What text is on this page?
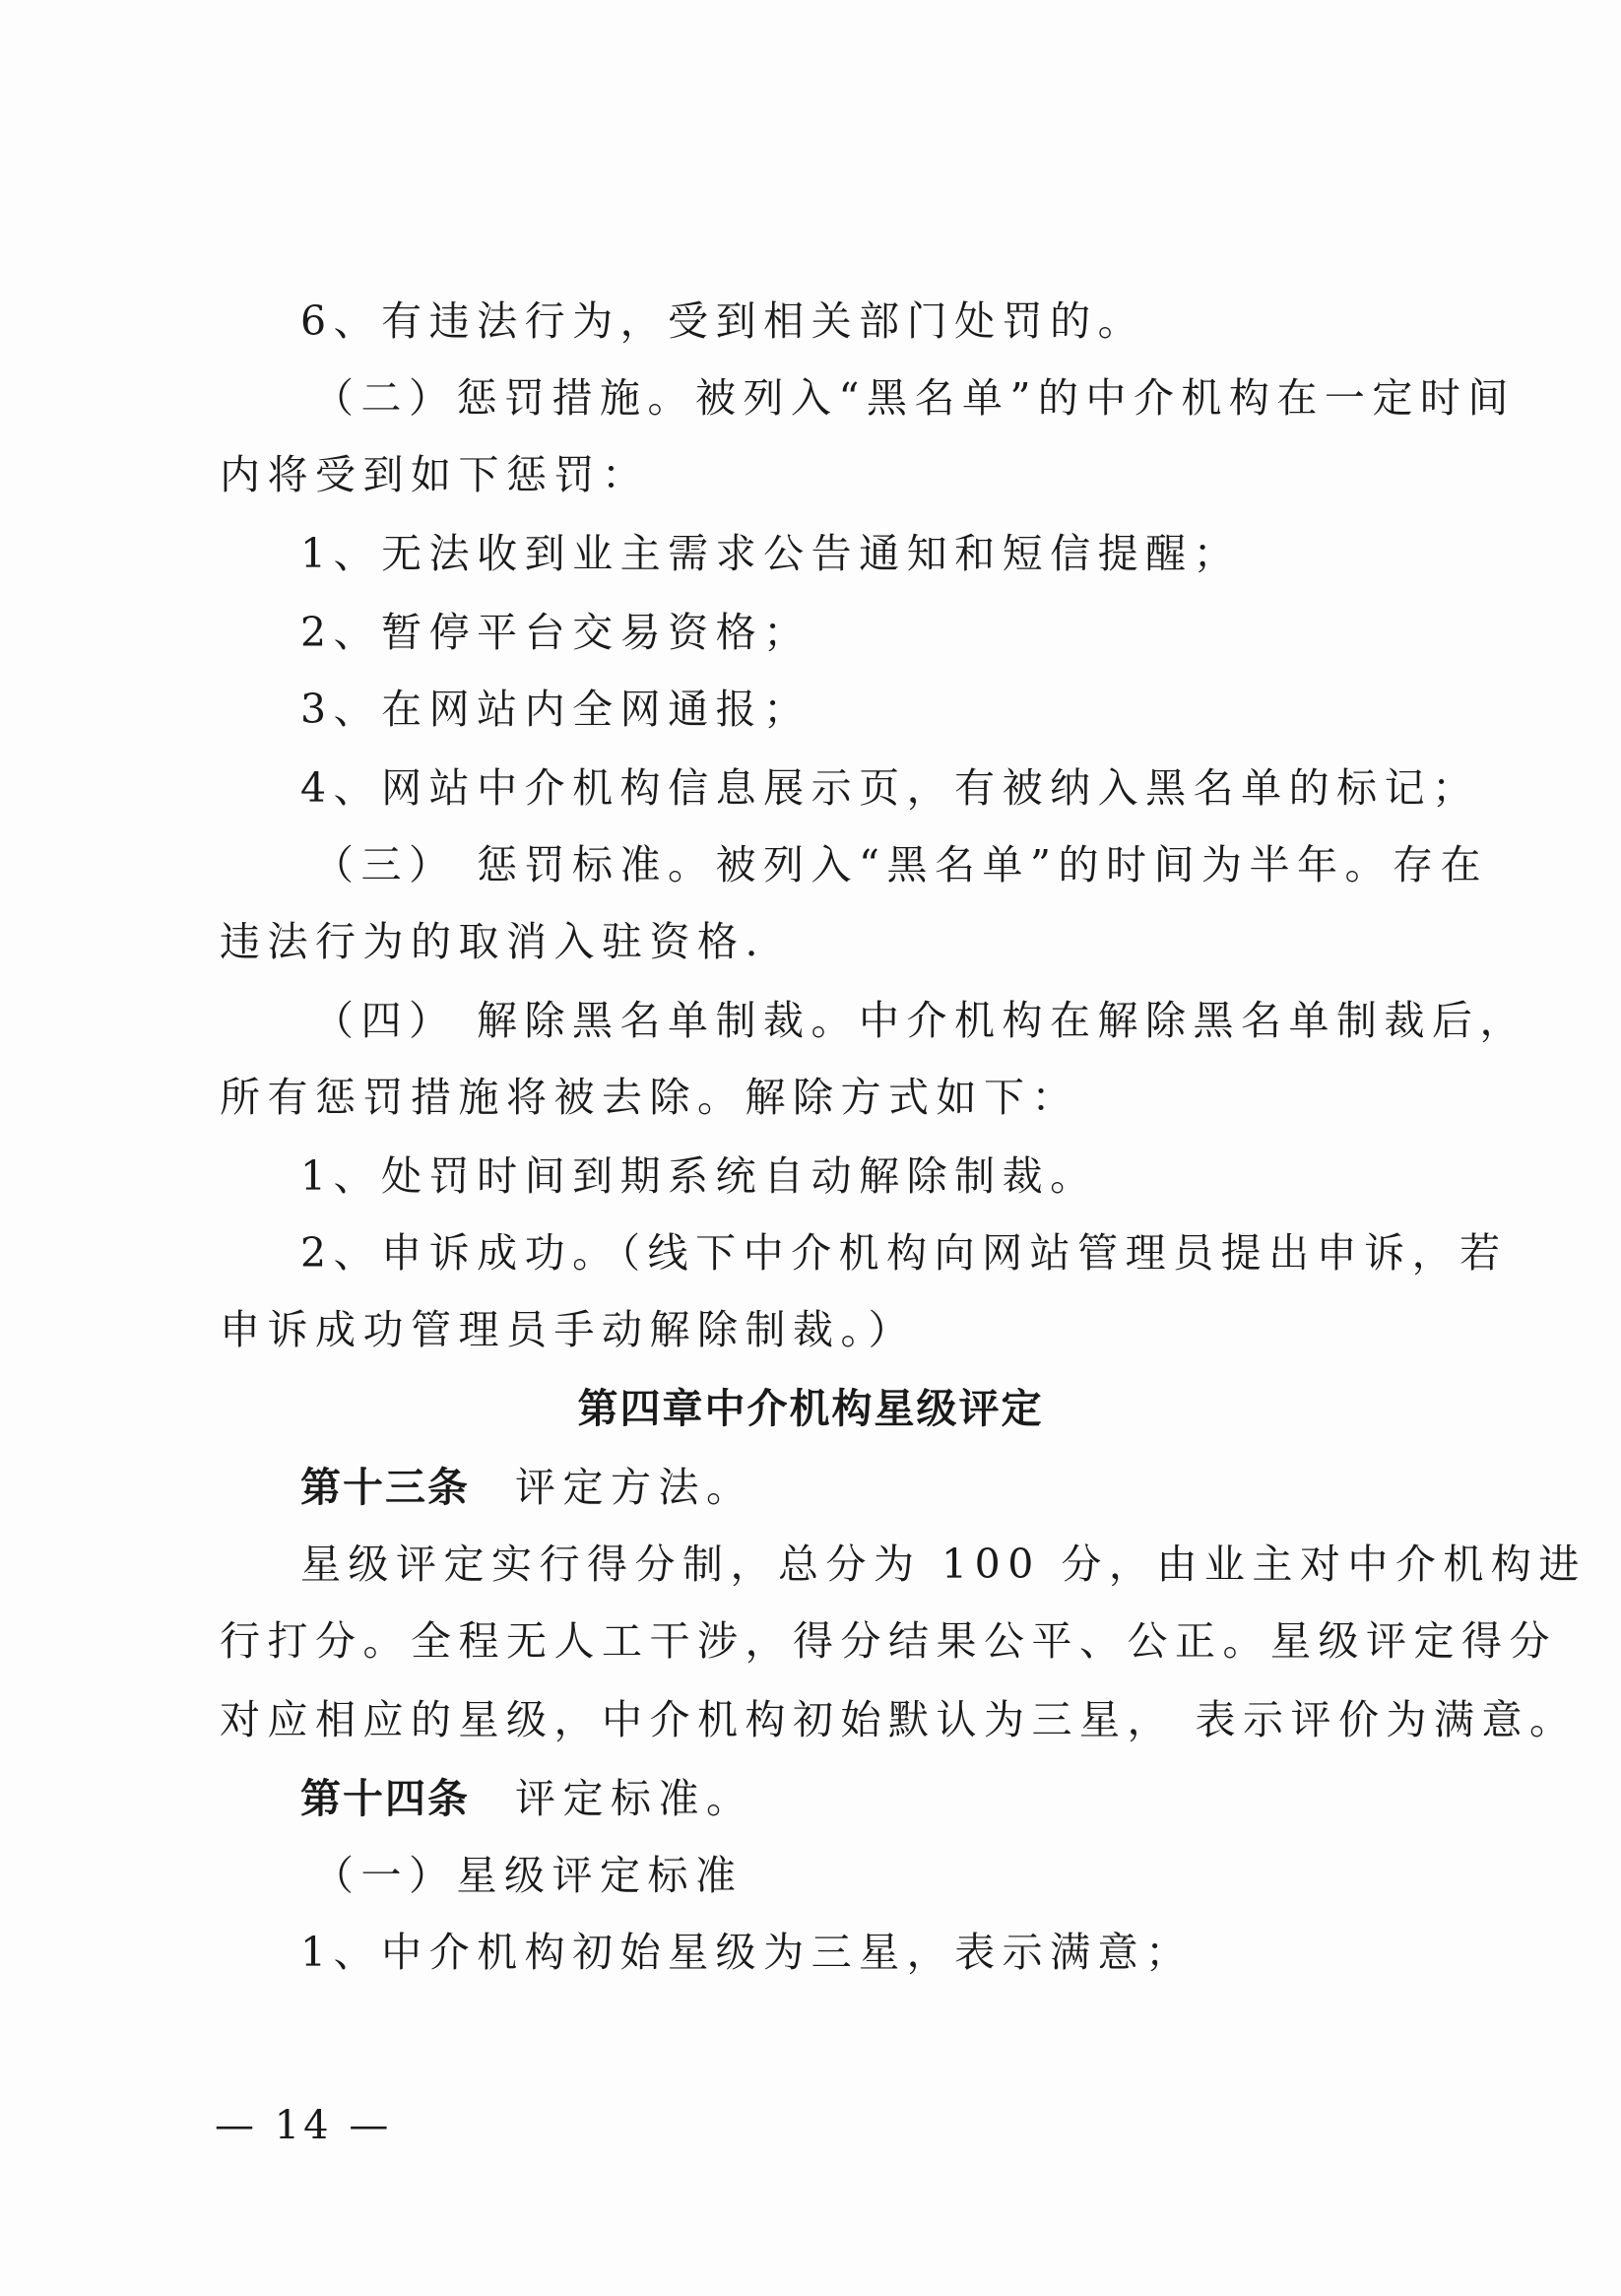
6、有违法行为，受到相关部门处罚的。
（二）惩罚措施。被列入“黑名单”的中介机构在一定时间
内将受到如下惩罚：
1、无法收到业主需求公告通知和短信提醒；
2、暂停平台交易资格；
3、在网站内全网通报；
4、网站中介机构信息展示页，有被纳入黑名单的标记；
（三） 惩罚标准。被列入“黑名单”的时间为半年。存在
违法行为的取消入驻资格.
（四） 解除黑名单制裁。中介机构在解除黑名单制裁后，
所有惩罚措施将被去除。解除方式如下：
1、处罚时间到期系统自动解除制裁。
2、申诉成功。（线下中介机构向网站管理员提出申诉，若
申诉成功管理员手动解除制裁。）
第四章中介机构星级评定
第十三条 评定方法。
星级评定实行得分制，总分为 100 分，由业主对中介机构进
行打分。全程无人工干涉，得分结果公平、公正。星级评定得分
对应相应的星级，中介机构初始默认为三星， 表示评价为满意。
第十四条 评定标准。
（一）星级评定标准
1、中介机构初始星级为三星，表示满意；
— 14 —
